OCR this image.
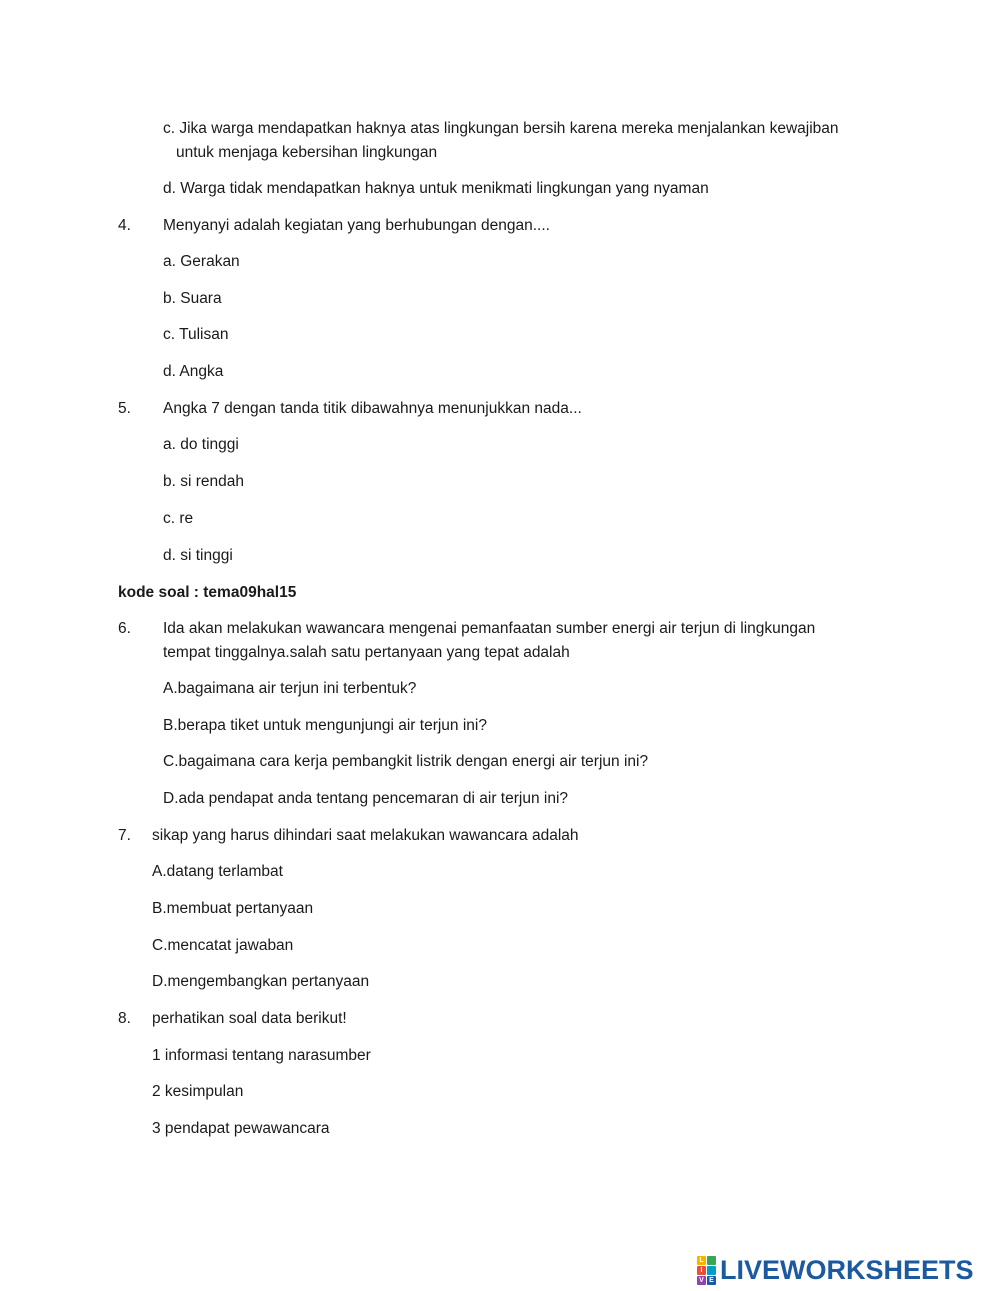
c. Jika warga mendapatkan haknya atas lingkungan bersih karena mereka menjalankan kewajiban
untuk menjaga kebersihan lingkungan
d. Warga tidak mendapatkan haknya untuk menikmati lingkungan yang nyaman
4. Menyanyi adalah kegiatan yang berhubungan dengan....
a. Gerakan
b. Suara
c. Tulisan
d. Angka
5. Angka 7 dengan tanda titik dibawahnya menunjukkan nada...
a. do tinggi
b. si rendah
c. re
d. si tinggi
kode soal : tema09hal15
6. Ida akan melakukan wawancara mengenai pemanfaatan sumber energi air terjun di lingkungan
tempat tinggalnya.salah satu pertanyaan yang tepat adalah
A.bagaimana air terjun ini terbentuk?
B.berapa tiket untuk mengunjungi air terjun ini?
C.bagaimana cara kerja pembangkit listrik dengan energi air terjun ini?
D.ada pendapat anda tentang pencemaran di air terjun ini?
7. sikap yang harus dihindari saat melakukan wawancara adalah
A.datang terlambat
B.membuat pertanyaan
C.mencatat jawaban
D.mengembangkan pertanyaan
8. perhatikan soal data berikut!
1 informasi tentang narasumber
2 kesimpulan
3 pendapat pewawancara
L
I
V E LIVEWORKSHEETS
